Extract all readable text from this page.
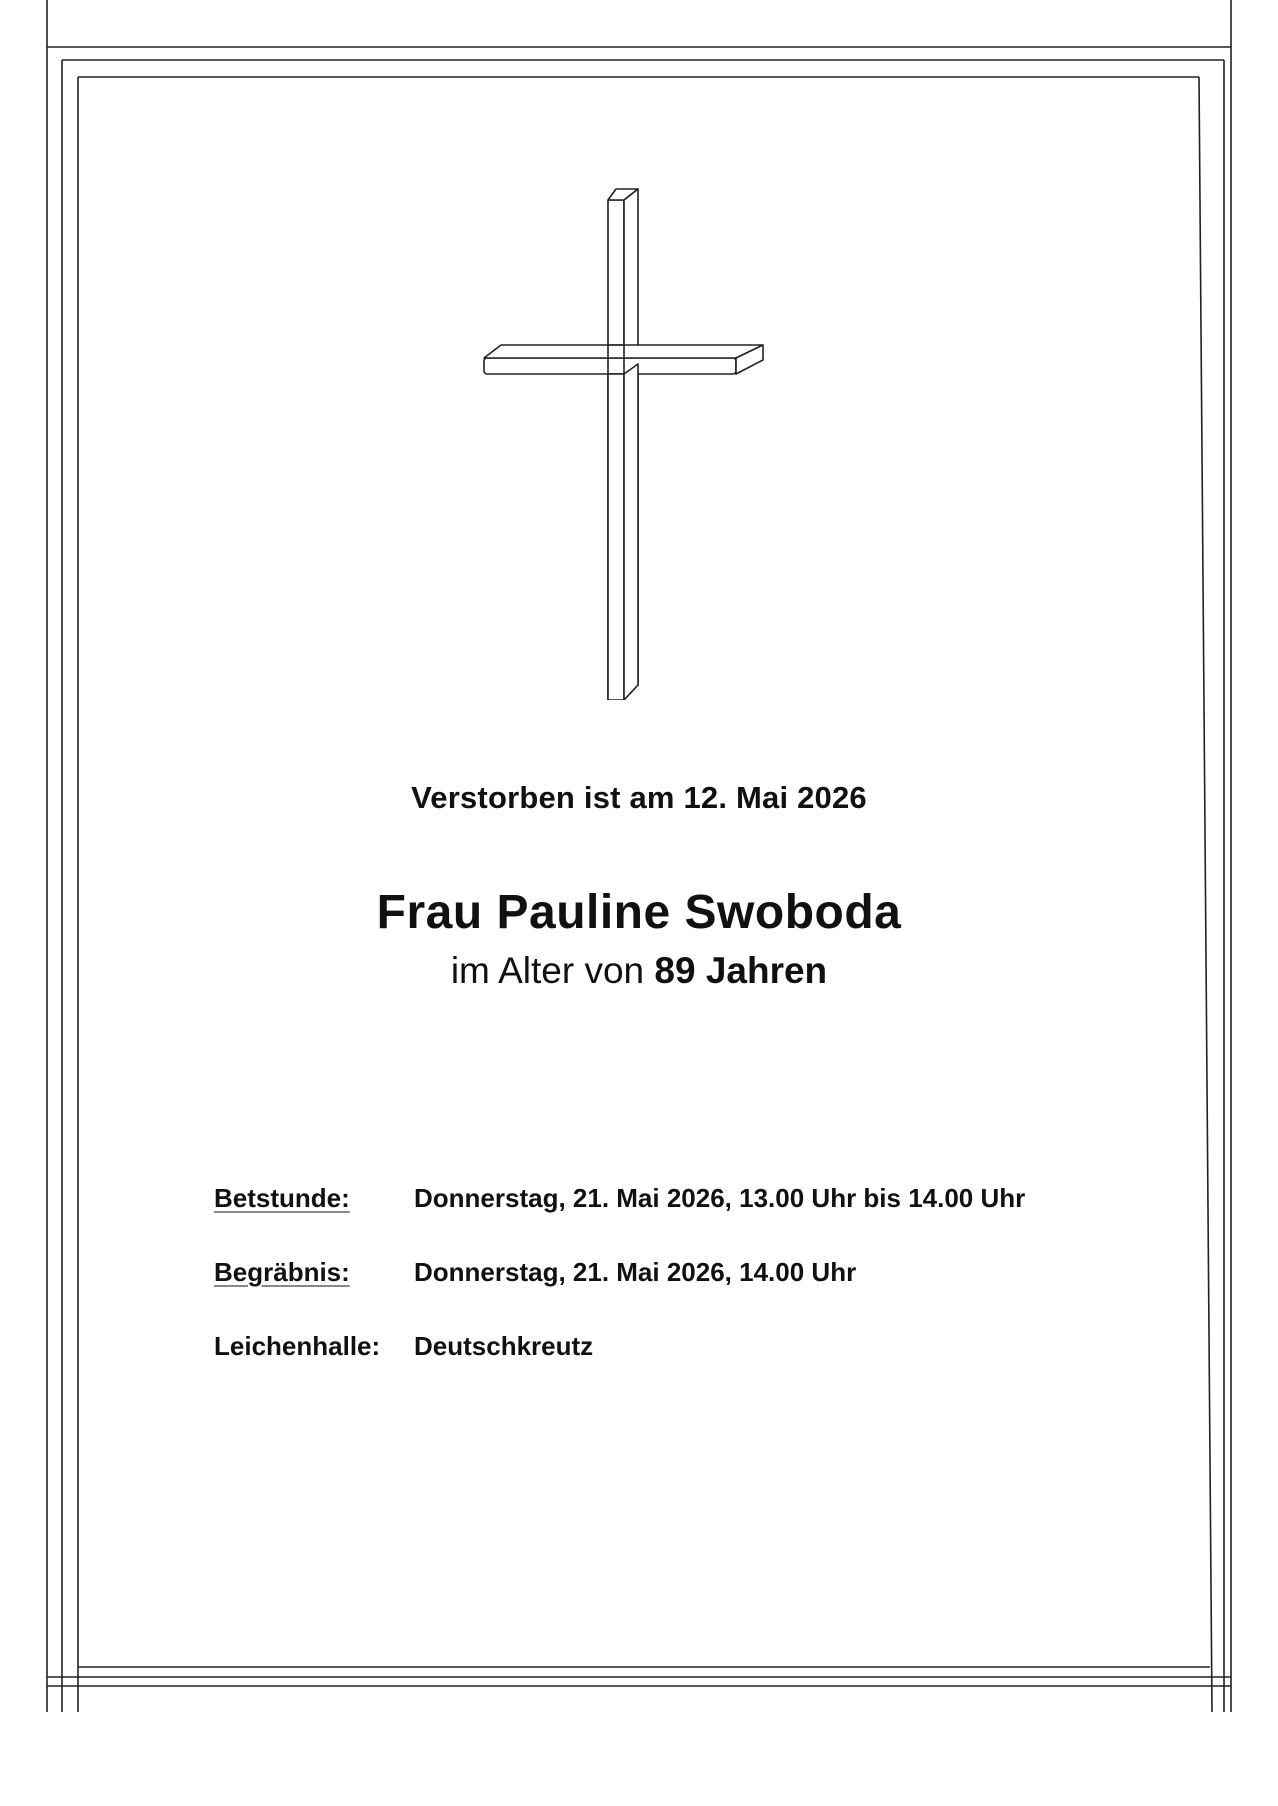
Verstorben ist am 12. Mai 2026
Frau Pauline Swoboda
im Alter von 89 Jahren
Betstunde: Donnerstag, 21. Mai 2026, 13.00 Uhr bis 14.00 Uhr
Begräbnis: Donnerstag, 21. Mai 2026, 14.00 Uhr
Leichenhalle: Deutschkreutz
